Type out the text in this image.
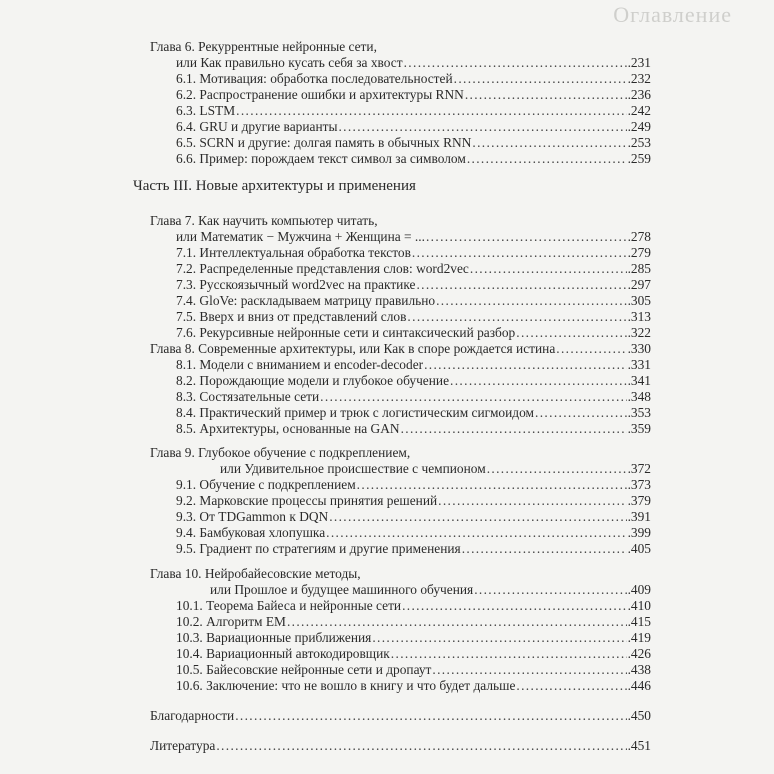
Оглавление
Глава 6. Рекуррентные нейронные сети,
или Как правильно кусать себя за хвост . . .	.231
6.1. Мотивация: обработка последовательностей . . .	.232
6.2. Распространение ошибки и архитектуры RNN . . .	.236
6.3. LSTM . . .	.242
6.4. GRU и другие варианты . . .	.249
6.5. SCRN и другие: долгая память в обычных RNN . . .	.253
6.6. Пример: порождаем текст символ за символом . . .	.259
Часть III. Новые архитектуры и применения
Глава 7. Как научить компьютер читать,
или Математик − Мужчина + Женщина = ... . . .	.278
7.1. Интеллектуальная обработка текстов . . .	.279
7.2. Распределенные представления слов: word2vec . . .	.285
7.3. Русскоязычный word2vec на практике . . .	.297
7.4. GloVe: раскладываем матрицу правильно . . .	.305
7.5. Вверх и вниз от представлений слов . . .	.313
7.6. Рекурсивные нейронные сети и синтаксический разбор . . .	.322
Глава 8. Современные архитектуры, или Как в споре рождается истина . . .	.330
8.1. Модели с вниманием и encoder-decoder . . .	.331
8.2. Порождающие модели и глубокое обучение . . .	.341
8.3. Состязательные сети . . .	.348
8.4. Практический пример и трюк с логистическим сигмоидом . . .	.353
8.5. Архитектуры, основанные на GAN . . .	.359
Глава 9. Глубокое обучение с подкреплением,
или Удивительное происшествие с чемпионом . . .	.372
9.1. Обучение с подкреплением . . .	.373
9.2. Марковские процессы принятия решений . . .	.379
9.3. От TDGammon к DQN . . .	.391
9.4. Бамбуковая хлопушка . . .	.399
9.5. Градиент по стратегиям и другие применения . . .	.405
Глава 10. Нейробайесовские методы,
или Прошлое и будущее машинного обучения . . .	.409
10.1. Теорема Байеса и нейронные сети . . .	.410
10.2. Алгоритм EM . . .	.415
10.3. Вариационные приближения . . .	.419
10.4. Вариационный автокодировщик . . .	.426
10.5. Байесовские нейронные сети и дропаут . . .	.438
10.6. Заключение: что не вошло в книгу и что будет дальше . . .	.446
Благодарности . . .	.450
Литература . . .	.451
